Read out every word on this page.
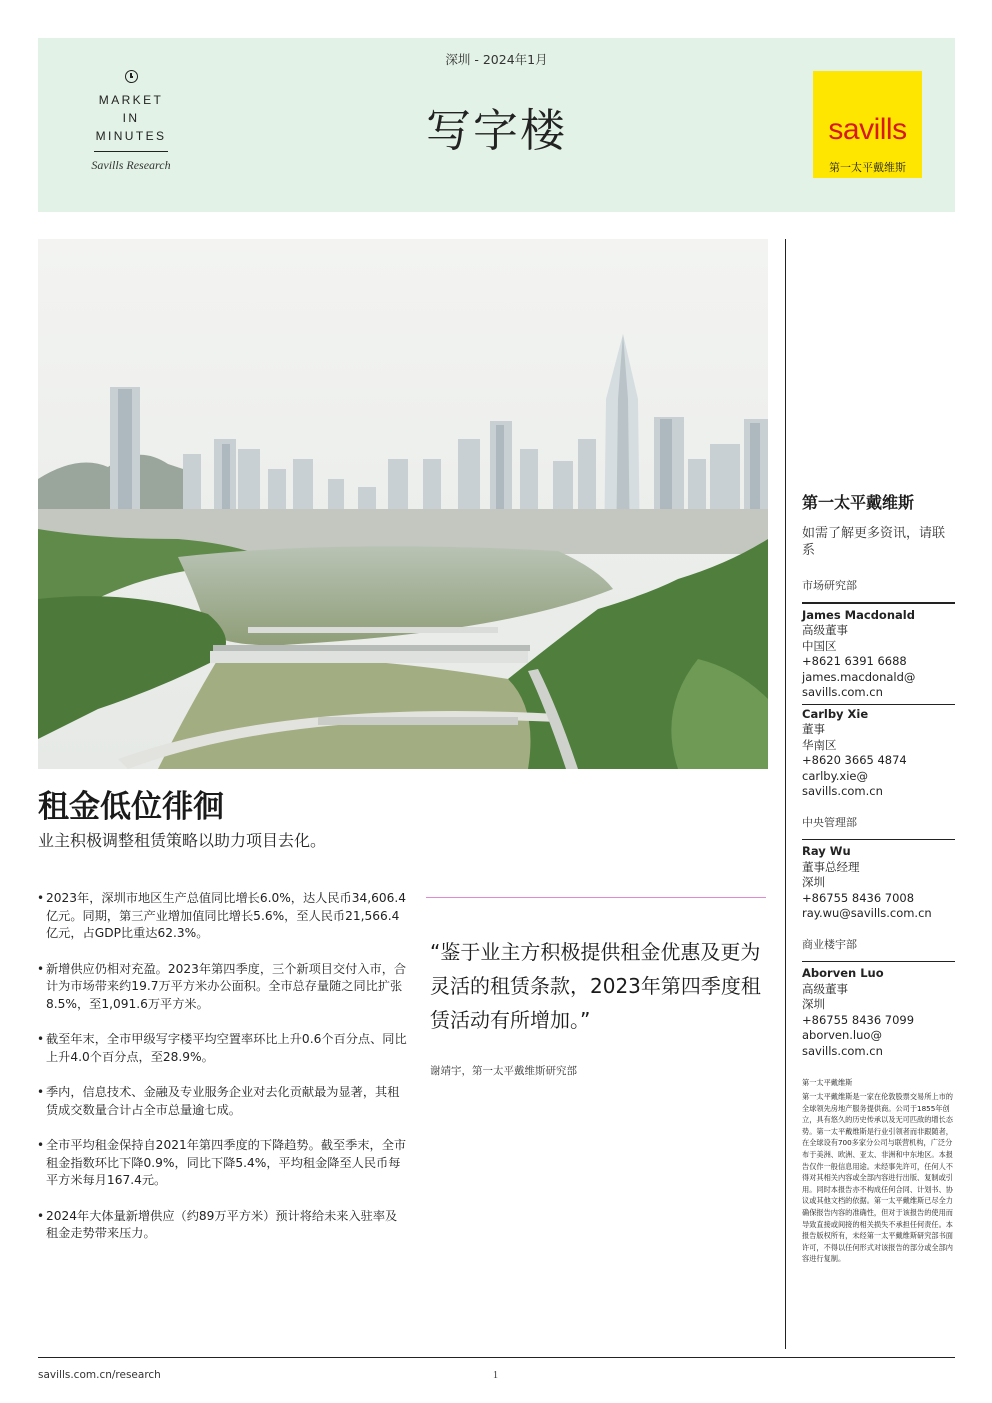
MARKET
IN
MINUTES
Savills Research
深圳 - 2024年1月
写字楼	savills
第一太平戴维斯
租金低位徘徊
业主积极调整租赁策略以助力项目去化。
• 2023年，深圳市地区生产总值同比增长6.0%，达人民币34,606.4亿元。同期，第三产业增加值同比增长5.6%，至人民币21,566.4亿元，占GDP比重达62.3%。
• 新增供应仍相对充盈。2023年第四季度，三个新项目交付入市，合计为市场带来约19.7万平方米办公面积。全市总存量随之同比扩张8.5%，至1,091.6万平方米。
• 截至年末，全市甲级写字楼平均空置率环比上升0.6个百分点、同比上升4.0个百分点，至28.9%。
• 季内，信息技术、金融及专业服务企业对去化贡献最为显著，其租赁成交数量合计占全市总量逾七成。
• 全市平均租金保持自2021年第四季度的下降趋势。截至季末，全市租金指数环比下降0.9%，同比下降5.4%，平均租金降至人民币每平方米每月167.4元。
• 2024年大体量新增供应（约89万平方米）预计将给未来入驻率及租金走势带来压力。
“鉴于业主方积极提供租金优惠及更为灵活的租赁条款，2023年第四季度租赁活动有所增加。”
谢靖宇，第一太平戴维斯研究部
第一太平戴维斯
如需了解更多资讯，请联系
市场研究部
James Macdonald
高级董事
中国区
+8621 6391 6688
james.macdonald@
savills.com.cn
Carlby Xie
董事
华南区
+8620 3665 4874
carlby.xie@
savills.com.cn
中央管理部
Ray Wu
董事总经理
深圳
+86755 8436 7008
ray.wu@savills.com.cn
商业楼宇部
Aborven Luo
高级董事
深圳
+86755 8436 7099
aborven.luo@
savills.com.cn
第一太平戴维斯
第一太平戴维斯是一家在伦敦股票交易所上市的全球领先房地产服务提供商。公司于1855年创立，具有悠久的历史传承以及无可匹敌的增长态势。第一太平戴维斯是行业引领者而非跟随者，在全球设有700多家分公司与联营机构，广泛分布于美洲、欧洲、亚太、非洲和中东地区。本报告仅作一般信息用途。未经事先许可，任何人不得对其相关内容或全部内容进行出版、复制或引用。同时本报告亦不构成任何合同、计划书、协议或其他文档的依据。第一太平戴维斯已尽全力确保报告内容的准确性，但对于该报告的使用而导致直接或间接的相关损失不承担任何责任。本报告版权所有，未经第一太平戴维斯研究部书面许可，不得以任何形式对该报告的部分或全部内容进行复制。
savills.com.cn/research	1
